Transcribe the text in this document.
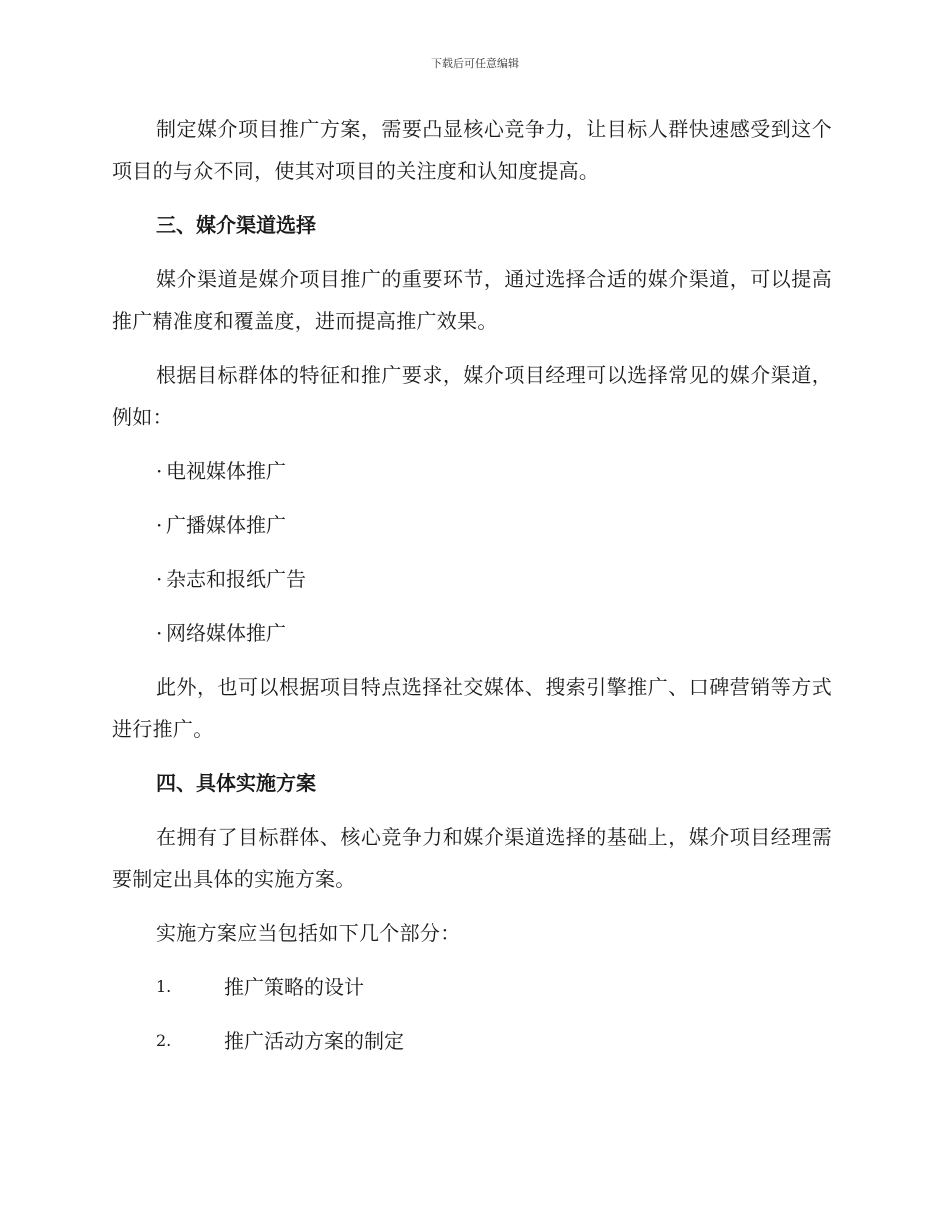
下载后可任意编辑

制定媒介项目推广方案，需要凸显核心竞争力，让目标人群快速感受到这个项目的与众不同，使其对项目的关注度和认知度提高。

三、媒介渠道选择

媒介渠道是媒介项目推广的重要环节，通过选择合适的媒介渠道，可以提高推广精准度和覆盖度，进而提高推广效果。

根据目标群体的特征和推广要求，媒介项目经理可以选择常见的媒介渠道，例如：

· 电视媒体推广
· 广播媒体推广
· 杂志和报纸广告
· 网络媒体推广

此外，也可以根据项目特点选择社交媒体、搜索引擎推广、口碑营销等方式进行推广。

四、具体实施方案

在拥有了目标群体、核心竞争力和媒介渠道选择的基础上，媒介项目经理需要制定出具体的实施方案。

实施方案应当包括如下几个部分：

1.	推广策略的设计
2.	推广活动方案的制定
